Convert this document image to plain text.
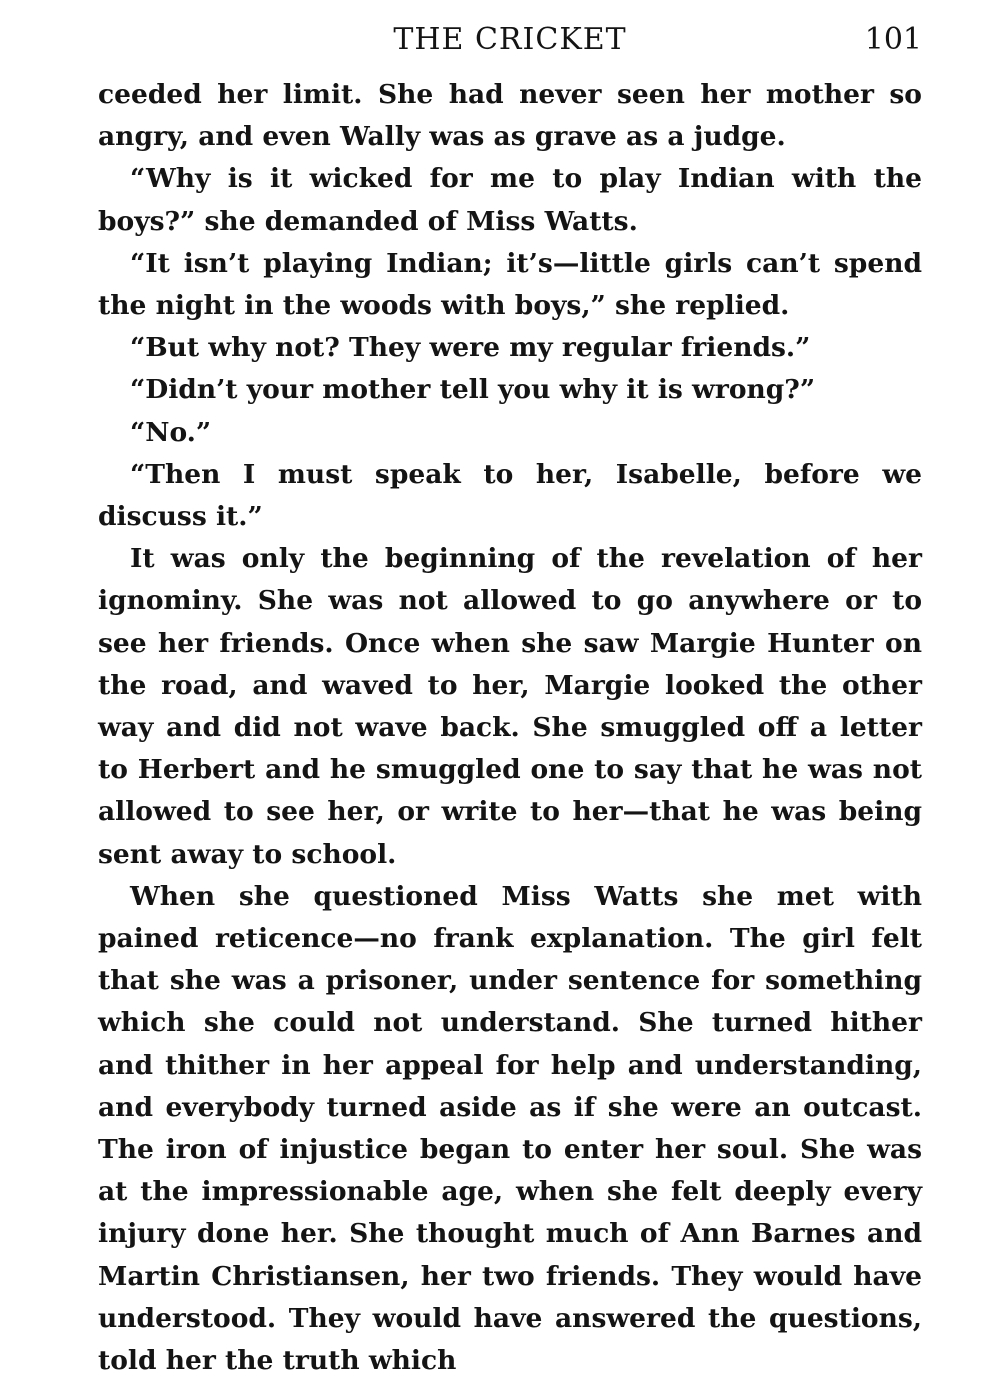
THE CRICKET	101

ceeded her limit. She had never seen her mother so angry, and even Wally was as grave as a judge.

“Why is it wicked for me to play Indian with the boys?” she demanded of Miss Watts.

“It isn’t playing Indian; it’s—little girls can’t spend the night in the woods with boys,” she replied.

“But why not? They were my regular friends.”

“Didn’t your mother tell you why it is wrong?”

“No.”

“Then I must speak to her, Isabelle, before we discuss it.”

It was only the beginning of the revelation of her ignominy. She was not allowed to go anywhere or to see her friends. Once when she saw Margie Hunter on the road, and waved to her, Margie looked the other way and did not wave back. She smuggled off a letter to Herbert and he smuggled one to say that he was not allowed to see her, or write to her—that he was being sent away to school.

When she questioned Miss Watts she met with pained reticence—no frank explanation. The girl felt that she was a prisoner, under sentence for something which she could not understand. She turned hither and thither in her appeal for help and understanding, and everybody turned aside as if she were an outcast. The iron of injustice began to enter her soul. She was at the impressionable age, when she felt deeply every injury done her. She thought much of Ann Barnes and Martin Christiansen, her two friends. They would have understood. They would have answered the questions, told her the truth which
